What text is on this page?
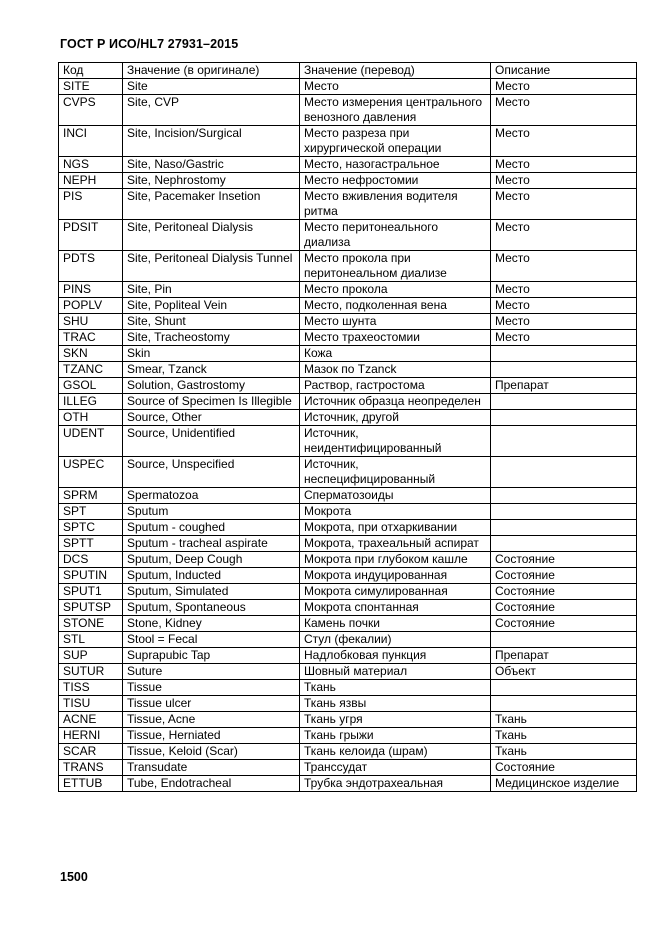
ГОСТ Р ИСО/HL7 27931–2015
Код	Значение (в оригинале)	Значение (перевод)	Описание
SITE	Site	Место	Место
CVPS	Site, CVP	Место измерения центрального венозного давления	Место
INCI	Site, Incision/Surgical	Место разреза при хирургической операции	Место
NGS	Site, Naso/Gastric	Место, назогастральное	Место
NEPH	Site, Nephrostomy	Место нефростомии	Место
PIS	Site, Pacemaker Insetion	Место вживления водителя ритма	Место
PDSIT	Site, Peritoneal Dialysis	Место перитонеального диализа	Место
PDTS	Site, Peritoneal Dialysis Tunnel	Место прокола при перитонеальном диализе	Место
PINS	Site, Pin	Место прокола	Место
POPLV	Site, Popliteal Vein	Место, подколенная вена	Место
SHU	Site, Shunt	Место шунта	Место
TRAC	Site, Tracheostomy	Место трахеостомии	Место
SKN	Skin	Кожа	
TZANC	Smear, Tzanck	Мазок по Tzanck	
GSOL	Solution, Gastrostomy	Раствор, гастростома	Препарат
ILLEG	Source of Specimen Is Illegible	Источник образца неопределен	
OTH	Source, Other	Источник, другой	
UDENT	Source, Unidentified	Источник, неидентифицированный	
USPEC	Source, Unspecified	Источник, неспецифицированный	
SPRM	Spermatozoa	Сперматозоиды	
SPT	Sputum	Мокрота	
SPTC	Sputum - coughed	Мокрота, при отхаркивании	
SPTT	Sputum - tracheal aspirate	Мокрота, трахеальный аспират	
DCS	Sputum, Deep Cough	Мокрота при глубоком кашле	Состояние
SPUTIN	Sputum, Inducted	Мокрота индуцированная	Состояние
SPUT1	Sputum, Simulated	Мокрота симулированная	Состояние
SPUTSP	Sputum, Spontaneous	Мокрота спонтанная	Состояние
STONE	Stone, Kidney	Камень почки	Состояние
STL	Stool = Fecal	Стул (фекалии)	
SUP	Suprapubic Tap	Надлобковая пункция	Препарат
SUTUR	Suture	Шовный материал	Объект
TISS	Tissue	Ткань	
TISU	Tissue ulcer	Ткань язвы	
ACNE	Tissue, Acne	Ткань угря	Ткань
HERNI	Tissue, Herniated	Ткань грыжи	Ткань
SCAR	Tissue, Keloid (Scar)	Ткань келоида (шрам)	Ткань
TRANS	Transudate	Транссудат	Состояние
ETTUB	Tube, Endotracheal	Трубка эндотрахеальная	Медицинское изделие
1500
